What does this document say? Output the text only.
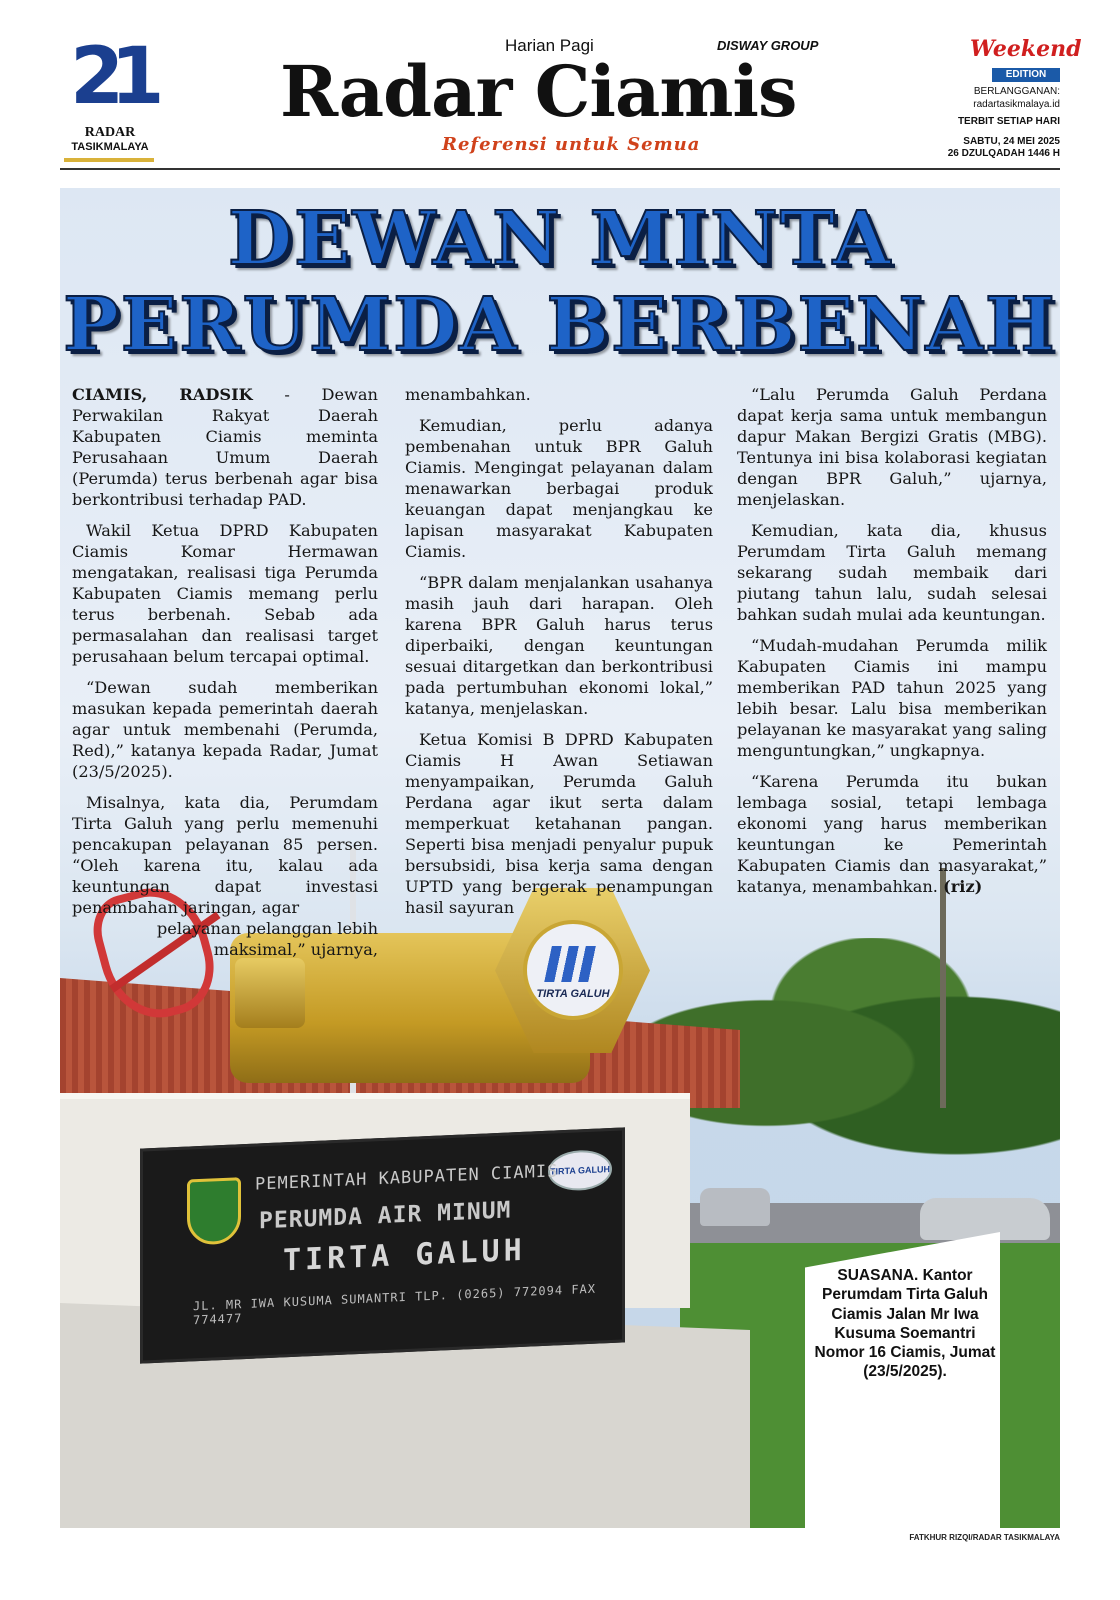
21
RADAR
TASIKMALAYA
Harian Pagi	DISWAY GROUP
Radar Ciamis
Referensi untuk Semua
Weekend
EDITION
BERLANGGANAN:
radartasikmalaya.id
TERBIT SETIAP HARI
SABTU, 24 MEI 2025
26 DZULQADAH 1446 H
TIRTA GALUH
TIRTA GALUH
PEMERINTAH KABUPATEN CIAMIS
PERUMDA AIR MINUM
TIRTA GALUH
JL. MR IWA KUSUMA SUMANTRI TLP. (0265) 772094 FAX 774477
DEWAN MINTA
PERUMDA BERBENAH

CIAMIS, RADSIK - Dewan Perwakilan Rakyat Daerah Kabupaten Ciamis meminta Perusahaan Umum Daerah (Perumda) terus berbenah agar bisa berkontribusi terhadap PAD.

Wakil Ketua DPRD Kabupaten Ciamis Komar Hermawan mengatakan, realisasi tiga Perumda Kabupaten Ciamis memang perlu terus berbenah. Sebab ada permasalahan dan realisasi target perusahaan belum tercapai optimal.

“Dewan sudah memberikan masukan kepada pemerintah daerah agar untuk membenahi (Perumda, Red),” katanya kepada Radar, Jumat (23/5/2025).

Misalnya, kata dia, Perumdam Tirta Galuh yang perlu memenuhi pencakupan pelayanan 85 persen. “Oleh karena itu, kalau ada keuntungan dapat investasi penambahan jaringan, agar

pelayanan pelanggan lebih maksimal,” ujarnya,

menambahkan.

Kemudian, perlu adanya pembenahan untuk BPR Galuh Ciamis. Mengingat pelayanan dalam menawarkan berbagai produk keuangan dapat menjangkau ke lapisan masyarakat Kabupaten Ciamis.

“BPR dalam menjalankan usahanya masih jauh dari harapan. Oleh karena BPR Galuh harus terus diperbaiki, dengan keuntungan sesuai ditargetkan dan berkontribusi pada pertumbuhan ekonomi lokal,” katanya, menjelaskan.

Ketua Komisi B DPRD Kabupaten Ciamis H Awan Setiawan menyampaikan, Perumda Galuh Perdana agar ikut serta dalam memperkuat ketahanan pangan. Seperti bisa menjadi penyalur pupuk bersubsidi, bisa kerja sama dengan UPTD yang bergerak penampungan hasil sayuran

“Lalu Perumda Galuh Perdana dapat kerja sama untuk membangun dapur Makan Bergizi Gratis (MBG). Tentunya ini bisa kolaborasi kegiatan dengan BPR Galuh,” ujarnya, menjelaskan.

Kemudian, kata dia, khusus Perumdam Tirta Galuh memang sekarang sudah membaik dari piutang tahun lalu, sudah selesai bahkan sudah mulai ada keuntungan.

“Mudah-mudahan Perumda milik Kabupaten Ciamis ini mampu memberikan PAD tahun 2025 yang lebih besar. Lalu bisa memberikan pelayanan ke masyarakat yang saling menguntungkan,” ungkapnya.

“Karena Perumda itu bukan lembaga sosial, tetapi lembaga ekonomi yang harus memberikan keuntungan ke Pemerintah Kabupaten Ciamis dan masyarakat,” katanya, menambahkan. (riz)

SUASANA. Kantor Perumdam Tirta Galuh Ciamis Jalan Mr Iwa Kusuma Soemantri Nomor 16 Ciamis, Jumat (23/5/2025).
FATKHUR RIZQI/RADAR TASIKMALAYA
